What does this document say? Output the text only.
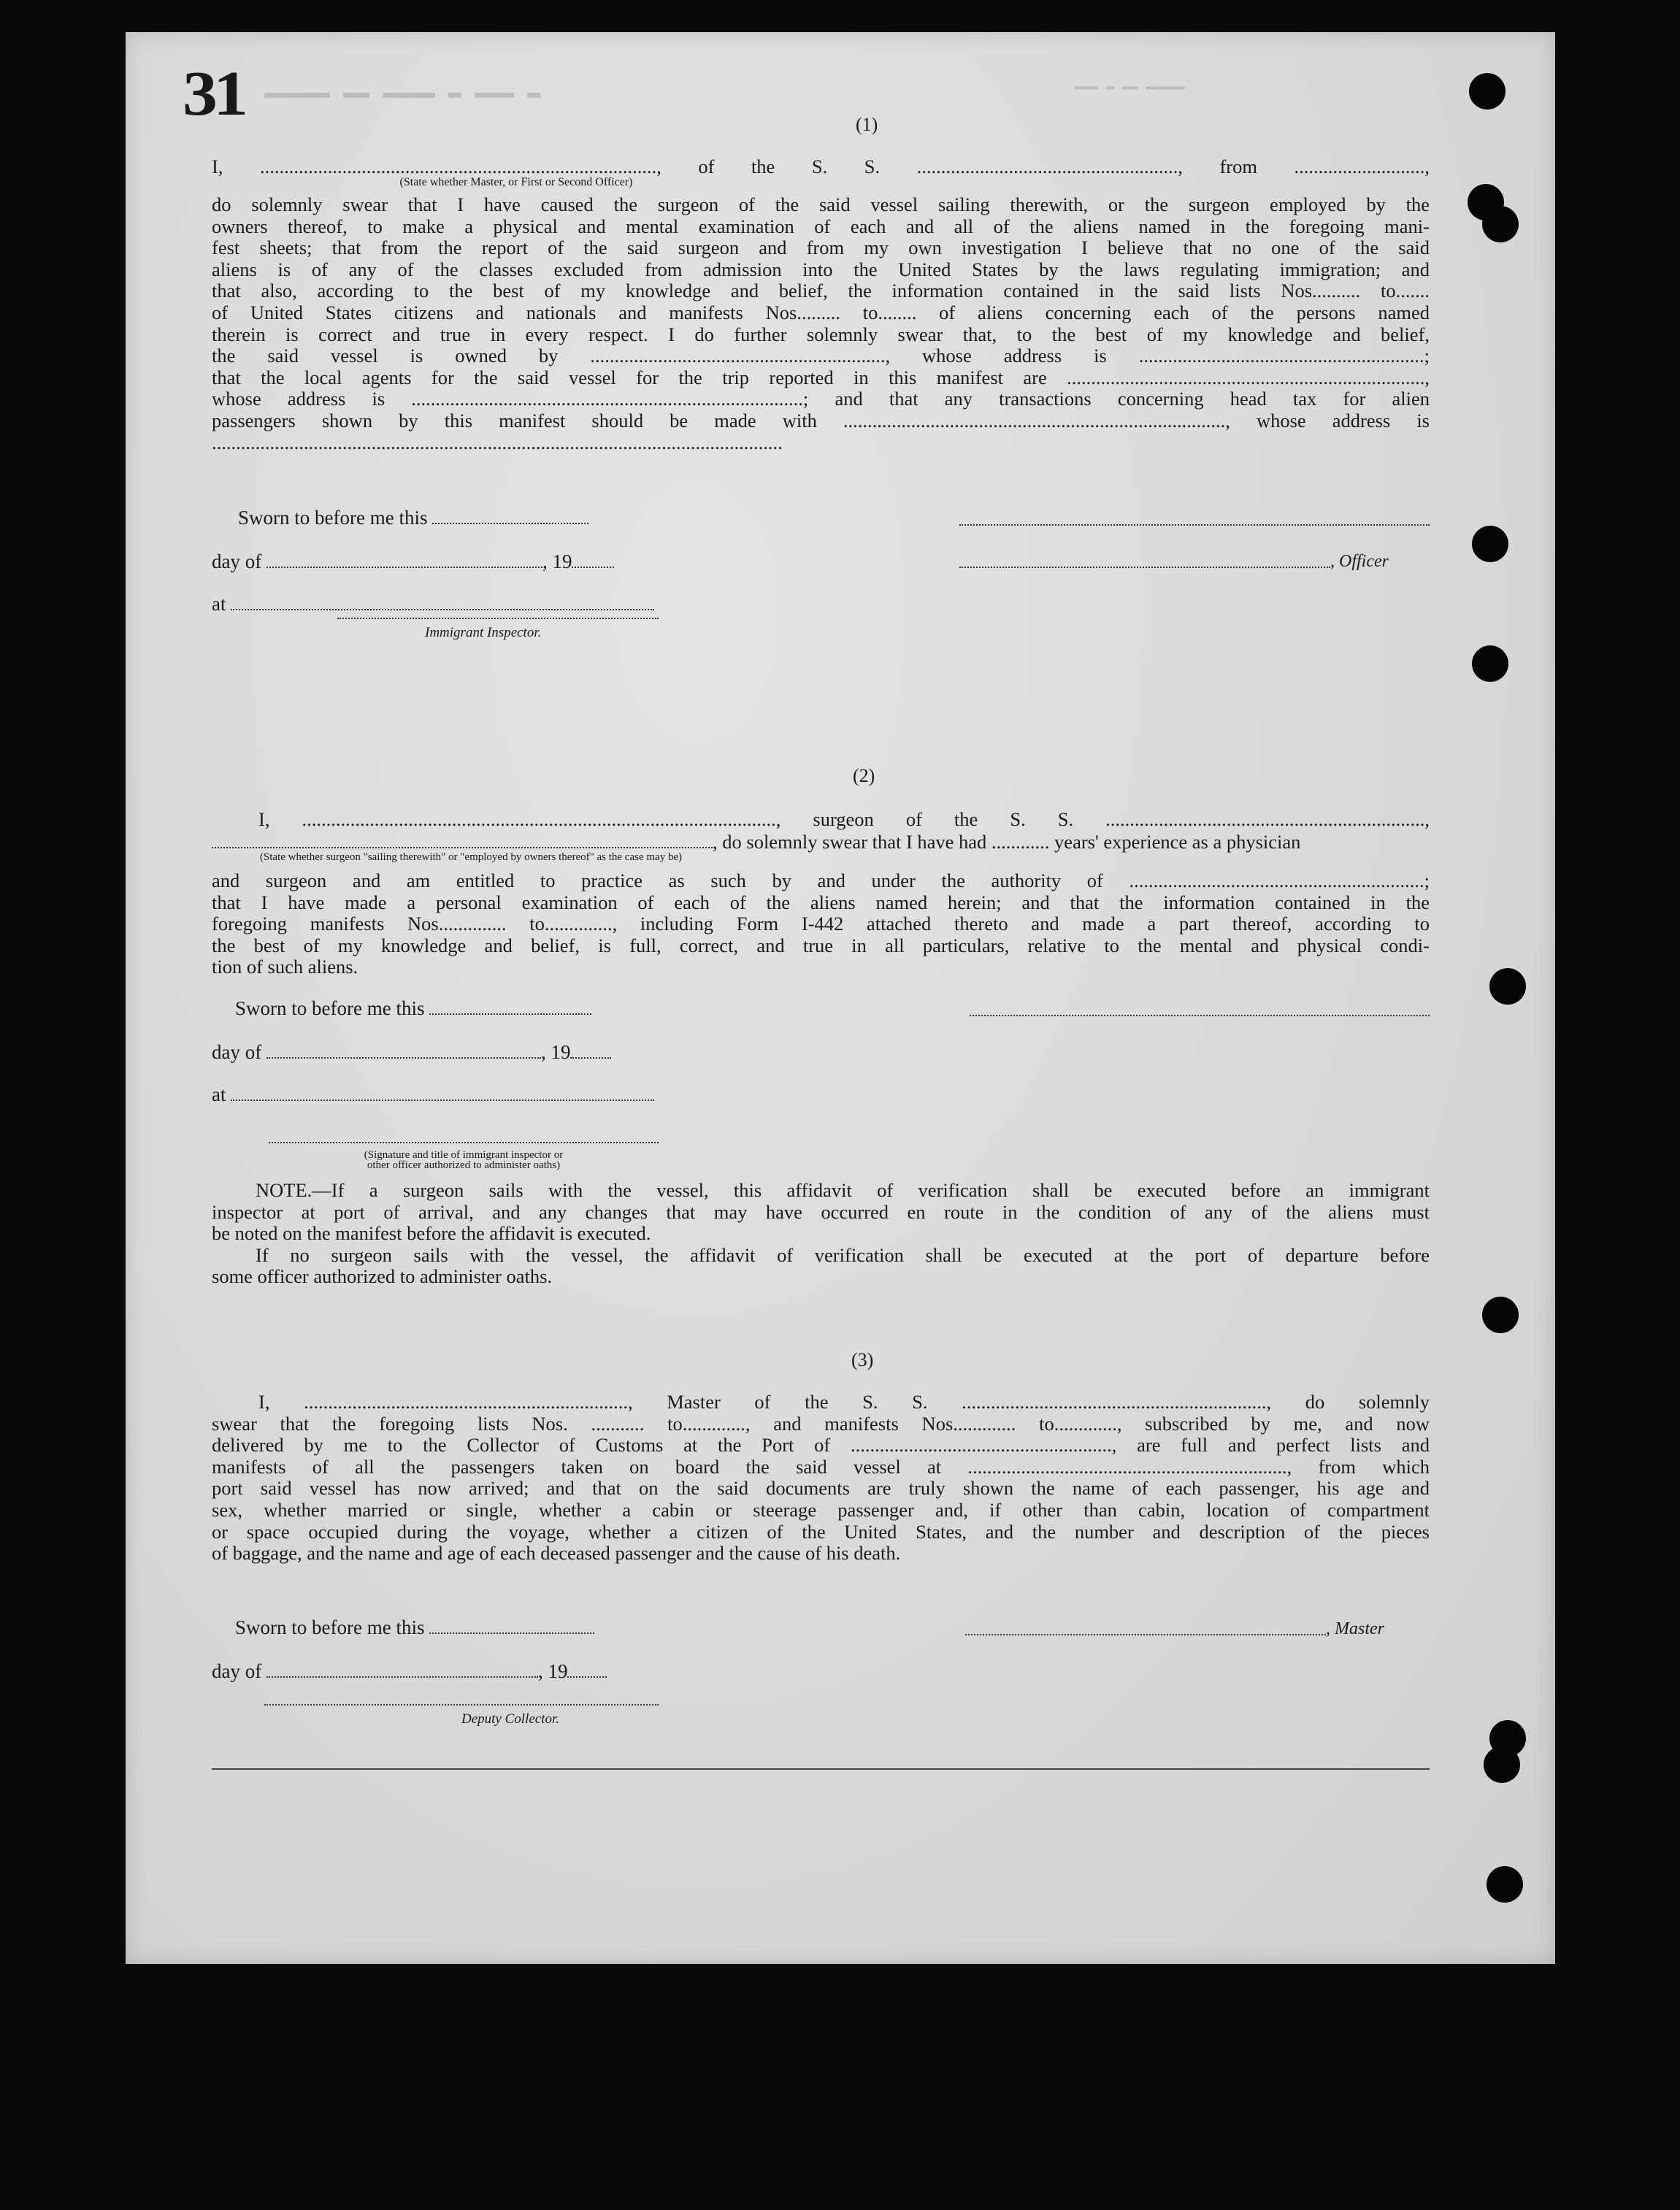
31 ▬ ▬▬▬ ▬ ▬▬▬▬ ▬▬ ▬▬▬▬▬	▬▬▬ ▬ ▬▬ ▬▬▬▬▬
(1)
I, .................................................................................., of the S. S. ......................................................, from ...........................,
(State whether Master, or First or Second Officer)
do solemnly swear that I have caused the surgeon of the said vessel sailing therewith, or the surgeon employed by the
owners thereof, to make a physical and mental examination of each and all of the aliens named in the foregoing mani-
fest sheets; that from the report of the said surgeon and from my own investigation I believe that no one of the said
aliens is of any of the classes excluded from admission into the United States by the laws regulating immigration; and
that also, according to the best of my knowledge and belief, the information contained in the said lists Nos.......... to.......
of United States citizens and nationals and manifests Nos......... to........ of aliens concerning each of the persons named
therein is correct and true in every respect. I do further solemnly swear that, to the best of my knowledge and belief,
the said vessel is owned by ............................................................., whose address is ...........................................................;
that the local agents for the said vessel for the trip reported in this manifest are ..........................................................................,
whose address is .................................................................................; and that any transactions concerning head tax for alien
passengers shown by this manifest should be made with ..............................................................................., whose address is
......................................................................................................................
Sworn to before me this
day of	, 19	, Officer
at
Immigrant Inspector.
(2)
I, .................................................................................................., surgeon of the S. S. ..................................................................,
, do solemnly swear that I have had ............ years' experience as a physician
(State whether surgeon "sailing therewith" or "employed by owners thereof" as the case may be)
and surgeon and am entitled to practice as such by and under the authority of .............................................................;
that I have made a personal examination of each of the aliens named herein; and that the information contained in the
foregoing manifests Nos.............. to.............., including Form I-442 attached thereto and made a part thereof, according to
the best of my knowledge and belief, is full, correct, and true in all particulars, relative to the mental and physical condi-
tion of such aliens.
Sworn to before me this
day of	, 19
at
(Signature and title of immigrant inspector or
other officer authorized to administer oaths)
NOTE.—If a surgeon sails with the vessel, this affidavit of verification shall be executed before an immigrant
inspector at port of arrival, and any changes that may have occurred en route in the condition of any of the aliens must
be noted on the manifest before the affidavit is executed.
If no surgeon sails with the vessel, the affidavit of verification shall be executed at the port of departure before
some officer authorized to administer oaths.
(3)
I, ..................................................................., Master of the S. S. ..............................................................., do solemnly
swear that the foregoing lists Nos. ........... to............., and manifests Nos............. to............., subscribed by me, and now
delivered by me to the Collector of Customs at the Port of ......................................................, are full and perfect lists and
manifests of all the passengers taken on board the said vessel at .................................................................., from which
port said vessel has now arrived; and that on the said documents are truly shown the name of each passenger, his age and
sex, whether married or single, whether a cabin or steerage passenger and, if other than cabin, location of compartment
or space occupied during the voyage, whether a citizen of the United States, and the number and description of the pieces
of baggage, and the name and age of each deceased passenger and the cause of his death.
Sworn to before me this	, Master
day of	, 19
Deputy Collector.
